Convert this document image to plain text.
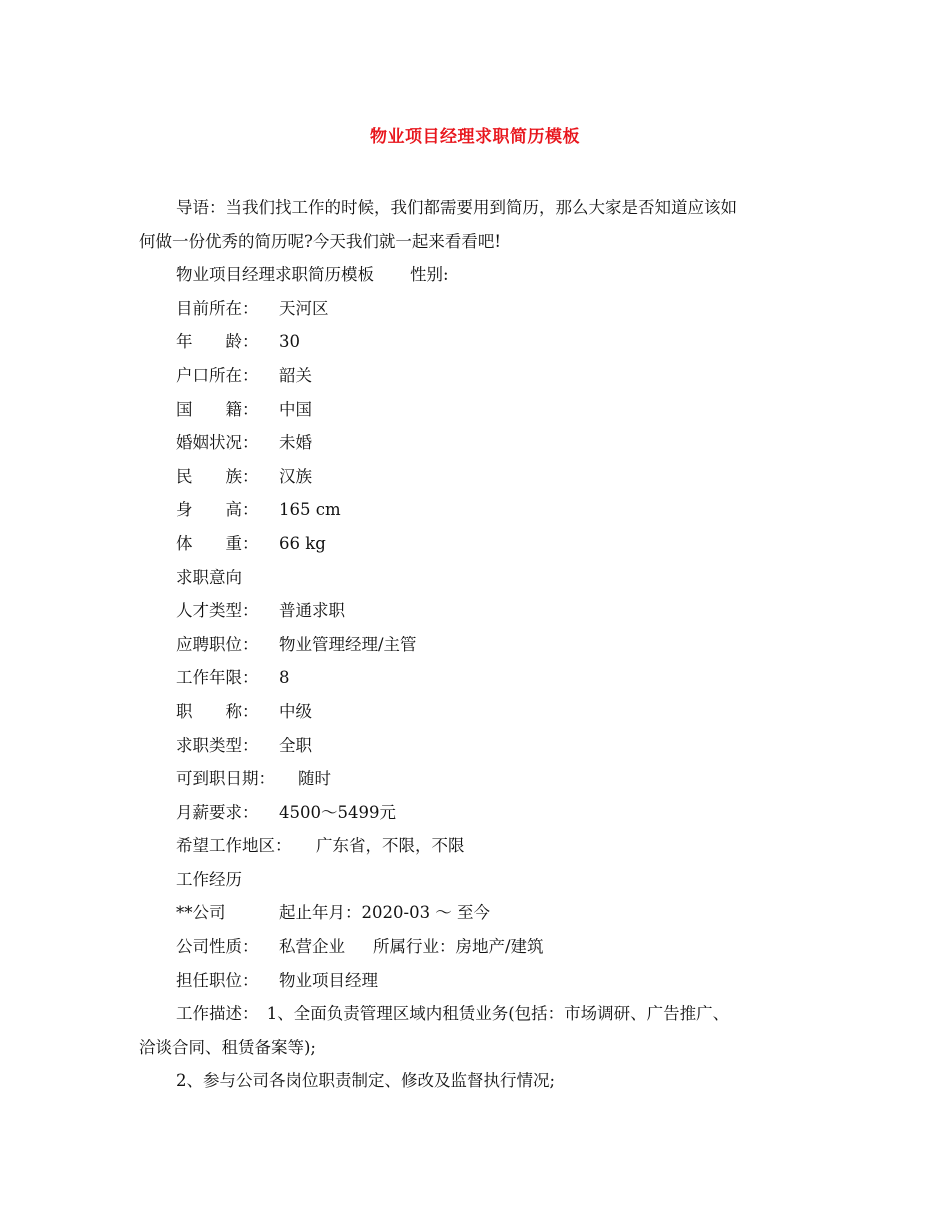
物业项目经理求职简历模板
导语：当我们找工作的时候，我们都需要用到简历，那么大家是否知道应该如
何做一份优秀的简历呢?今天我们就一起来看看吧!
物业项目经理求职简历模板 性别:
目前所在： 天河区
年　　龄： 30
户口所在： 韶关
国　　籍： 中国
婚姻状况： 未婚
民　　族： 汉族
身　　高： 165 cm
体　　重： 66 kg
求职意向
人才类型： 普通求职
应聘职位： 物业管理经理/主管
工作年限： 8
职　　称： 中级
求职类型： 全职
可到职日期： 随时
月薪要求： 4500～5499元
希望工作地区： 广东省，不限，不限
工作经历
**公司	起止年月：2020-03 ～ 至今
公司性质： 私营企业 所属行业：房地产/建筑
担任职位： 物业项目经理
工作描述：　1、全面负责管理区域内租赁业务(包括：市场调研、广告推广、
洽谈合同、租赁备案等);
2、参与公司各岗位职责制定、修改及监督执行情况;
